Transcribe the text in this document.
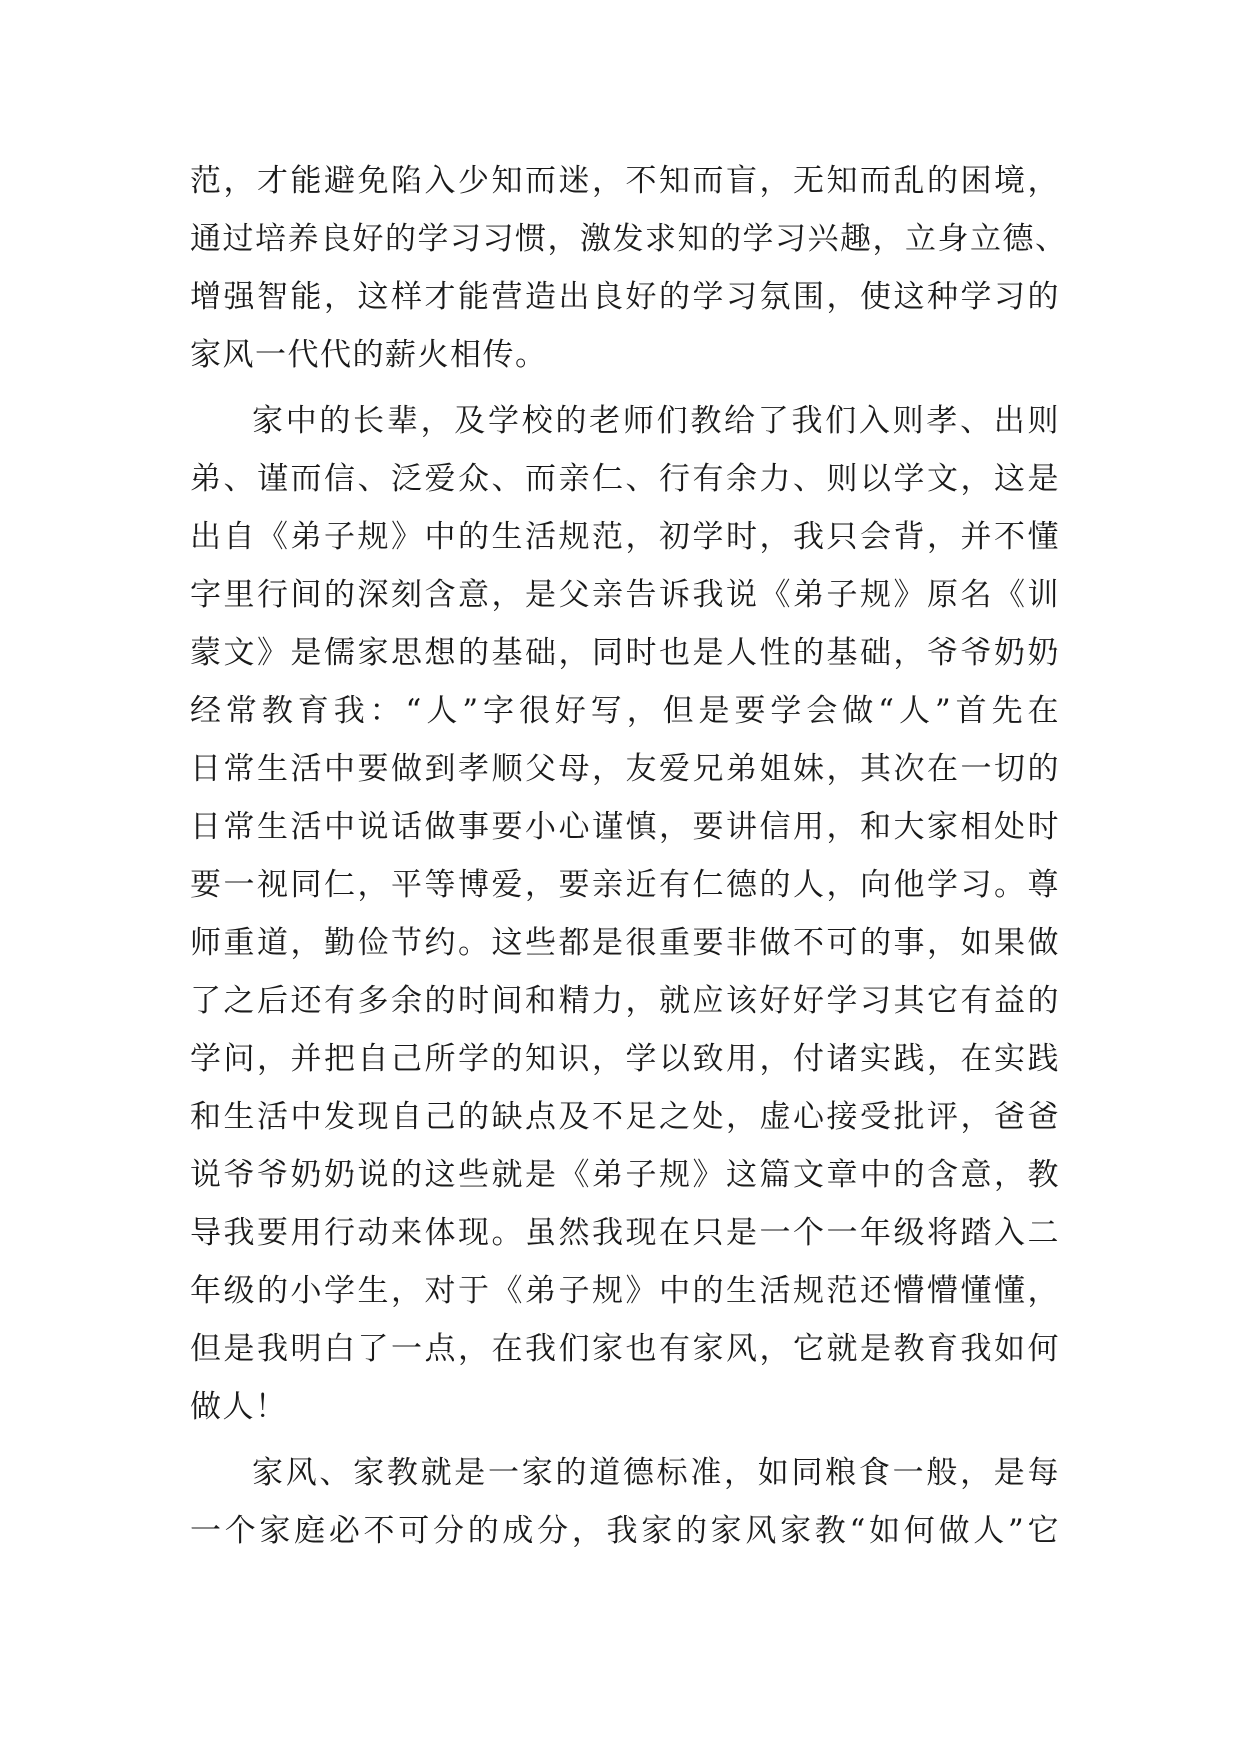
范，才能避免陷入少知而迷，不知而盲，无知而乱的困境，
通过培养良好的学习习惯，激发求知的学习兴趣，立身立德、
增强智能，这样才能营造出良好的学习氛围，使这种学习的
家风一代代的薪火相传。
家中的长辈，及学校的老师们教给了我们入则孝、出则
弟、谨而信、泛爱众、而亲仁、行有余力、则以学文，这是
出自《弟子规》中的生活规范，初学时，我只会背，并不懂
字里行间的深刻含意，是父亲告诉我说《弟子规》原名《训
蒙文》是儒家思想的基础，同时也是人性的基础，爷爷奶奶
经常教育我：“人”字很好写，但是要学会做“人”首先在
日常生活中要做到孝顺父母，友爱兄弟姐妹，其次在一切的
日常生活中说话做事要小心谨慎，要讲信用，和大家相处时
要一视同仁，平等博爱，要亲近有仁德的人，向他学习。尊
师重道，勤俭节约。这些都是很重要非做不可的事，如果做
了之后还有多余的时间和精力，就应该好好学习其它有益的
学问，并把自己所学的知识，学以致用，付诸实践，在实践
和生活中发现自己的缺点及不足之处，虚心接受批评，爸爸
说爷爷奶奶说的这些就是《弟子规》这篇文章中的含意，教
导我要用行动来体现。虽然我现在只是一个一年级将踏入二
年级的小学生，对于《弟子规》中的生活规范还懵懵懂懂，
但是我明白了一点，在我们家也有家风，它就是教育我如何
做人！
家风、家教就是一家的道德标准，如同粮食一般，是每
一个家庭必不可分的成分，我家的家风家教“如何做人”它
